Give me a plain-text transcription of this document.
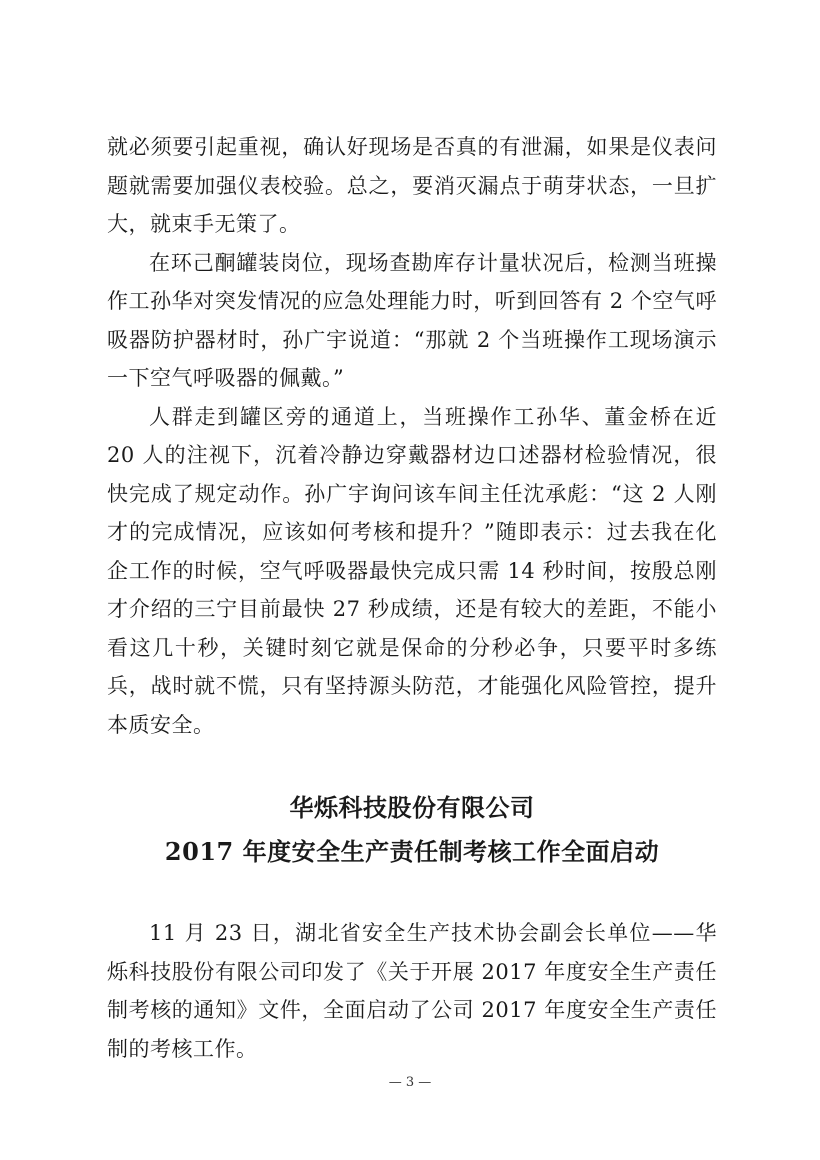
就必须要引起重视，确认好现场是否真的有泄漏，如果是仪表问题就需要加强仪表校验。总之，要消灭漏点于萌芽状态，一旦扩大，就束手无策了。

在环己酮罐装岗位，现场查勘库存计量状况后，检测当班操作工孙华对突发情况的应急处理能力时，听到回答有 2 个空气呼吸器防护器材时，孙广宇说道：“那就 2 个当班操作工现场演示一下空气呼吸器的佩戴。”

人群走到罐区旁的通道上，当班操作工孙华、董金桥在近 20 人的注视下，沉着冷静边穿戴器材边口述器材检验情况，很快完成了规定动作。孙广宇询问该车间主任沈承彪：“这 2 人刚才的完成情况，应该如何考核和提升？”随即表示：过去我在化企工作的时候，空气呼吸器最快完成只需 14 秒时间，按殷总刚才介绍的三宁目前最快 27 秒成绩，还是有较大的差距，不能小看这几十秒，关键时刻它就是保命的分秒必争，只要平时多练兵，战时就不慌，只有坚持源头防范，才能强化风险管控，提升本质安全。

华烁科技股份有限公司

2017 年度安全生产责任制考核工作全面启动

11 月 23 日，湖北省安全生产技术协会副会长单位——华烁科技股份有限公司印发了《关于开展 2017 年度安全生产责任制考核的通知》文件，全面启动了公司 2017 年度安全生产责任制的考核工作。

— 3 —
